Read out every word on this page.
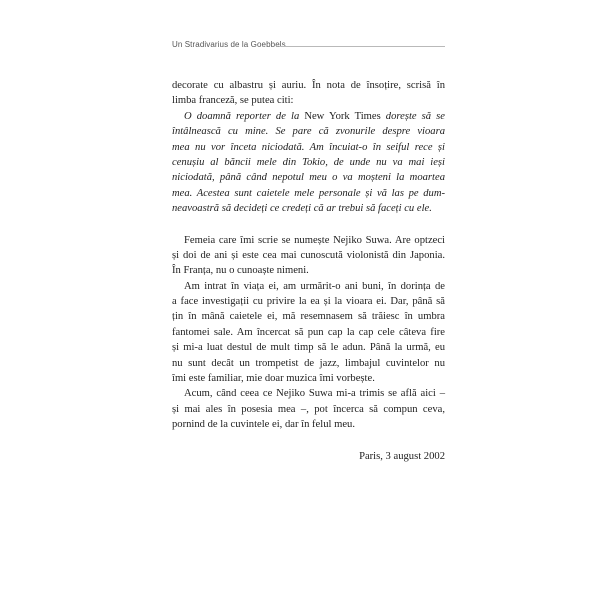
Un Stradivarius de la Goebbels
decorate cu albastru și auriu. În nota de însoțire, scrisă în
limba franceză, se putea citi:
O doamnă reporter de la New York Times dorește să se
întâlnească cu mine. Se pare că zvonurile despre vioara
mea nu vor înceta niciodată. Am încuiat-o în seiful rece și
cenușiu al băncii mele din Tokio, de unde nu va mai ieși
niciodată, până când nepotul meu o va moșteni la moartea
mea. Acestea sunt caietele mele personale și vă las pe dum-
neavoastră să decideți ce credeți că ar trebui să faceți cu ele.
Femeia care îmi scrie se numește Nejiko Suwa. Are optzeci
și doi de ani și este cea mai cunoscută violonistă din Japonia.
În Franța, nu o cunoaște nimeni.
Am intrat în viața ei, am urmărit-o ani buni, în dorința de
a face investigații cu privire la ea și la vioara ei. Dar, până să
țin în mână caietele ei, mă resemnasem să trăiesc în umbra
fantomei sale. Am încercat să pun cap la cap cele câteva fire
și mi-a luat destul de mult timp să le adun. Până la urmă, eu
nu sunt decât un trompetist de jazz, limbajul cuvintelor nu
îmi este familiar, mie doar muzica îmi vorbește.
Acum, când ceea ce Nejiko Suwa mi-a trimis se află aici –
și mai ales în posesia mea –, pot încerca să compun ceva,
pornind de la cuvintele ei, dar în felul meu.
Paris, 3 august 2002
